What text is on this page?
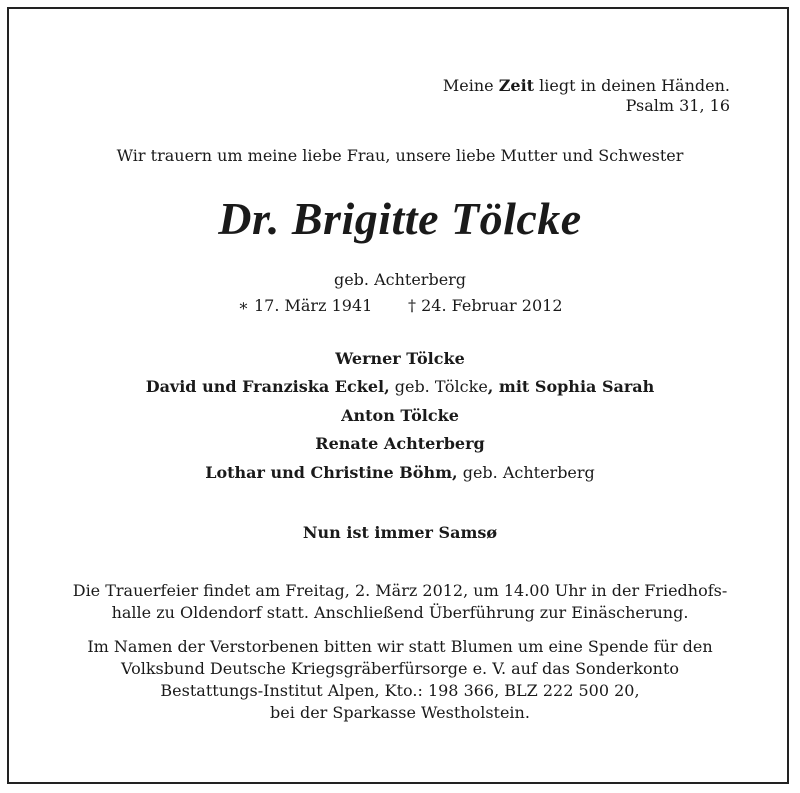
Meine Zeit liegt in deinen Händen.
Psalm 31, 16
Wir trauern um meine liebe Frau, unsere liebe Mutter und Schwester
Dr. Brigitte Tölcke
geb. Achterberg
∗ 17. März 1941 † 24. Februar 2012
Werner Tölcke
David und Franziska Eckel, geb. Tölcke, mit Sophia Sarah
Anton Tölcke
Renate Achterberg
Lothar und Christine Böhm, geb. Achterberg
Nun ist immer Samsø
Die Trauerfeier findet am Freitag, 2. März 2012, um 14.00 Uhr in der Friedhofs-
halle zu Oldendorf statt. Anschließend Überführung zur Einäscherung.
Im Namen der Verstorbenen bitten wir statt Blumen um eine Spende für den
Volksbund Deutsche Kriegsgräberfürsorge e. V. auf das Sonderkonto
Bestattungs-Institut Alpen, Kto.: 198 366, BLZ 222 500 20,
bei der Sparkasse Westholstein.
